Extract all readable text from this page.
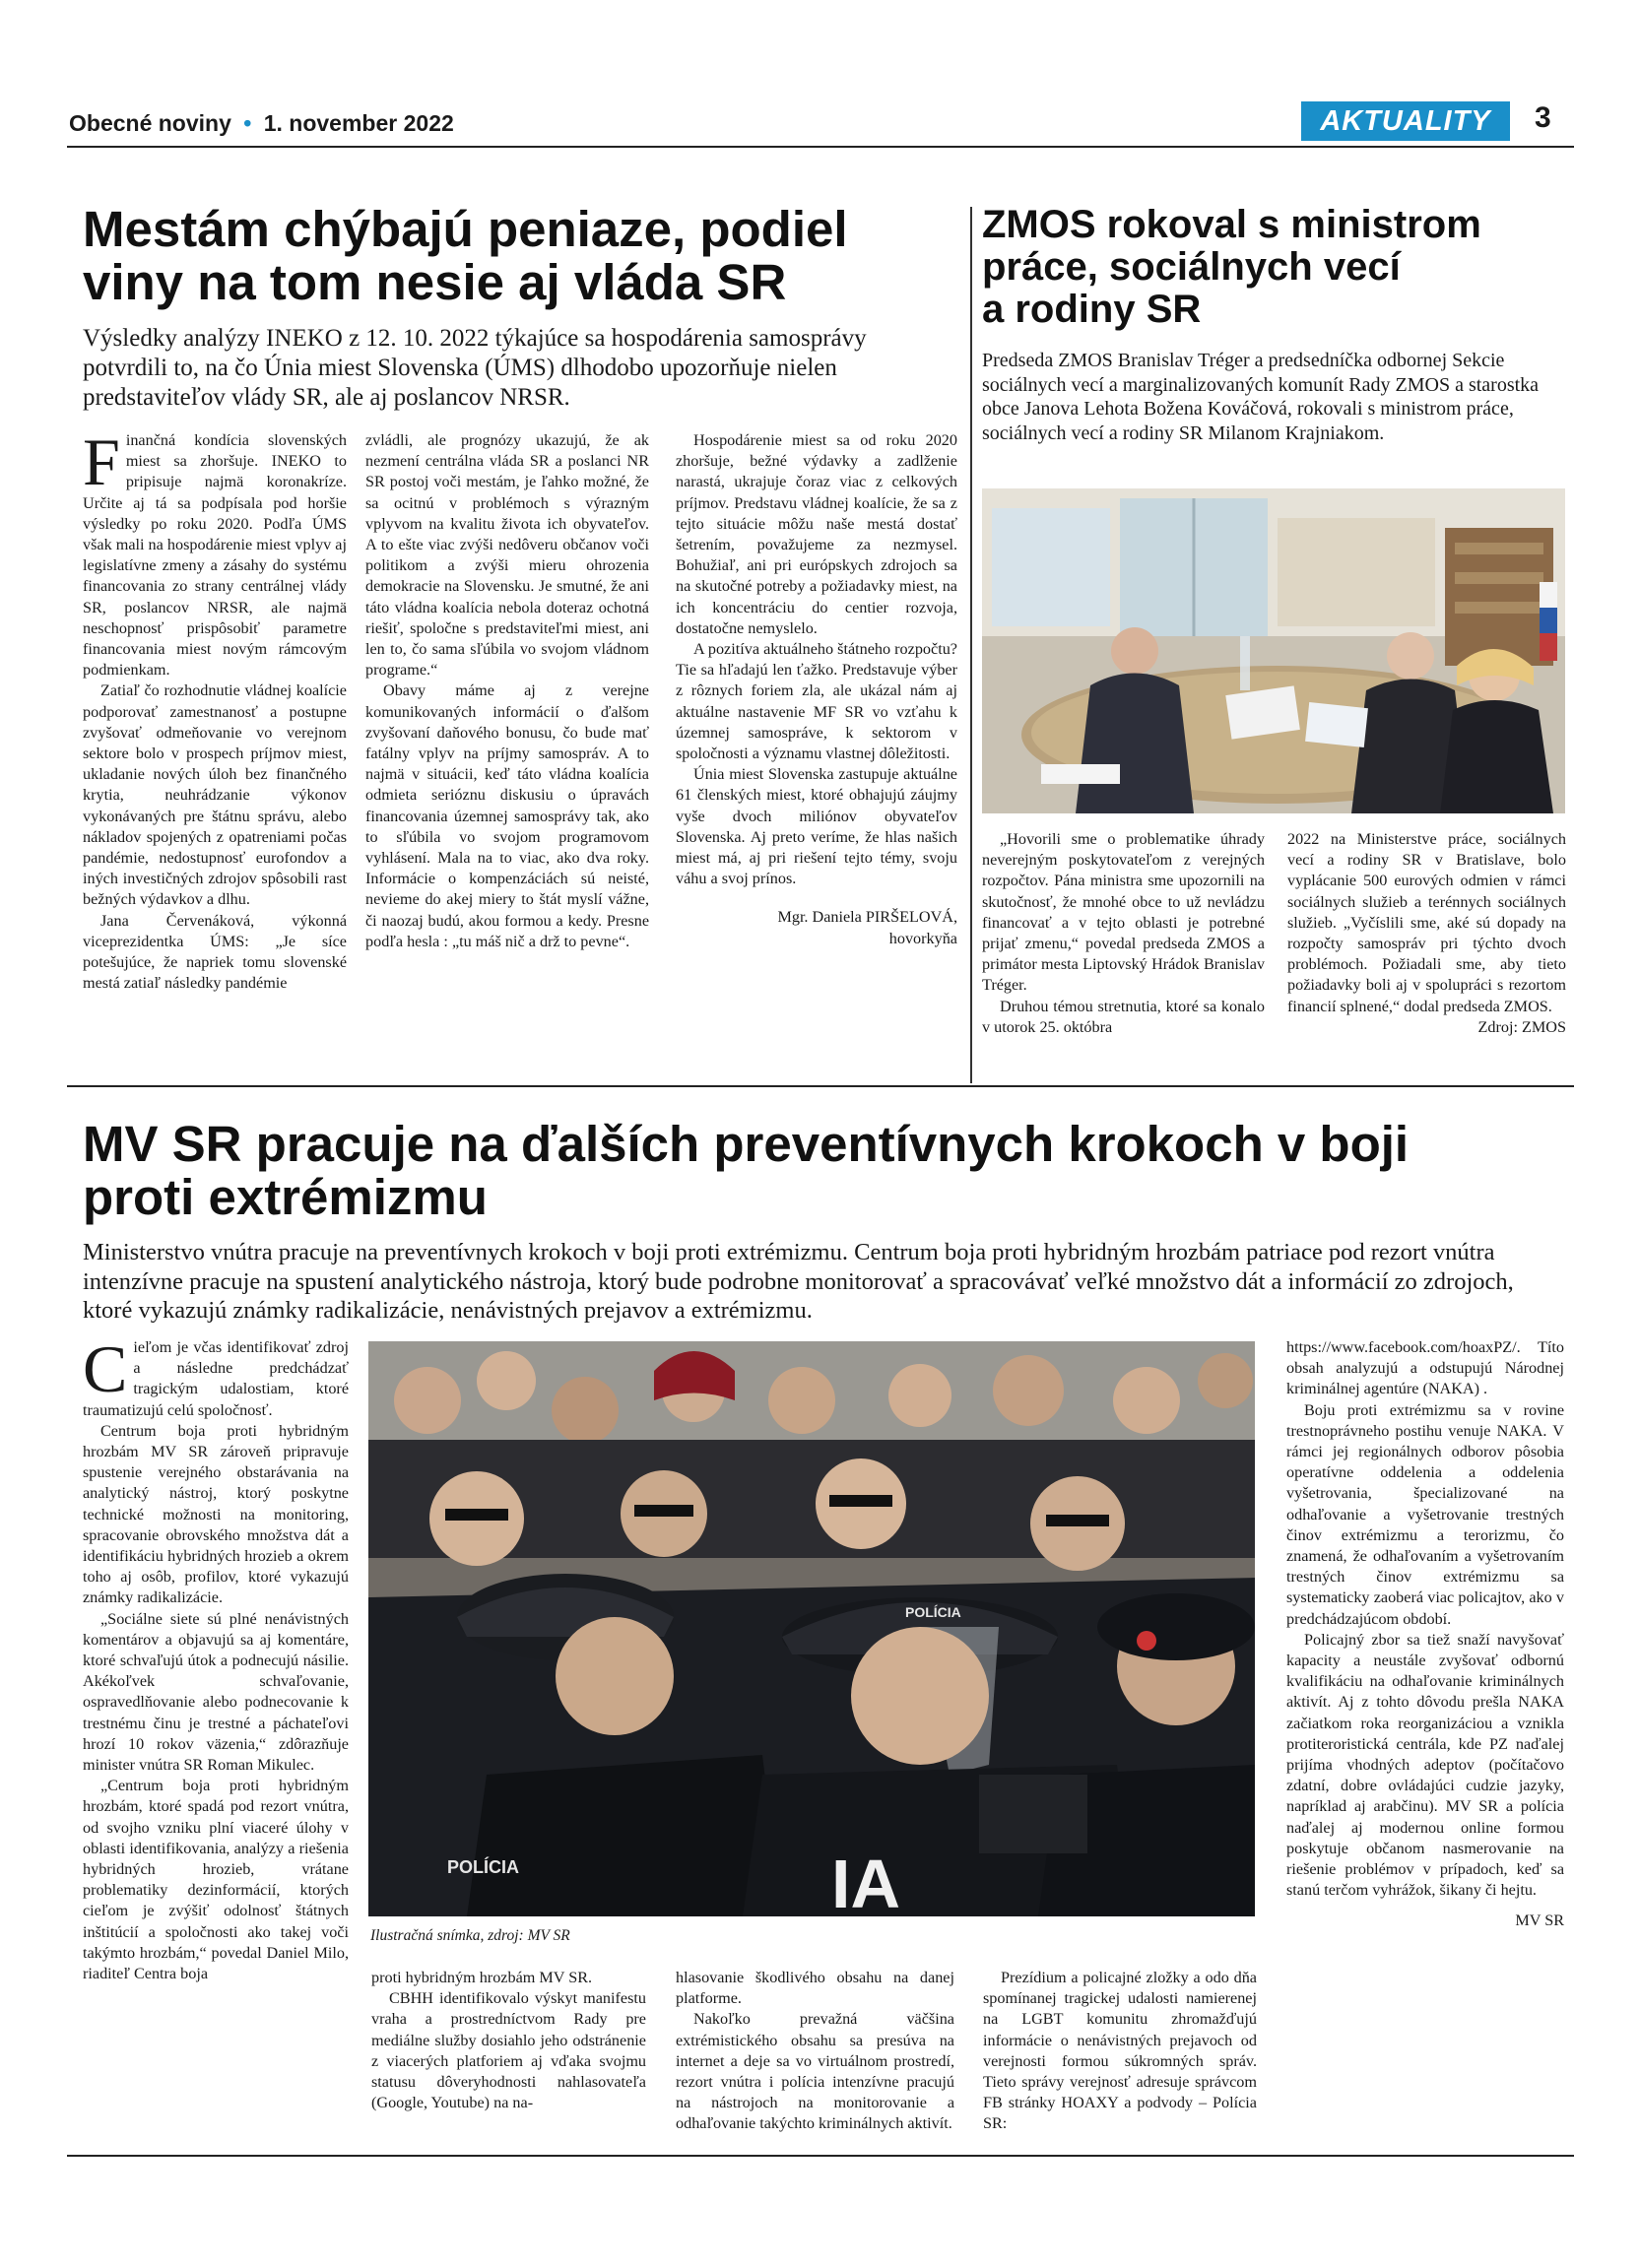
Obecné noviny • 1. november 2022	AKTUALITY	3
Mestám chýbajú peniaze, podiel
viny na tom nesie aj vláda SR
Výsledky analýzy INEKO z 12. 10. 2022 týkajúce sa hospodárenia samosprávy potvrdili to, na čo Únia miest Slovenska (ÚMS) dlhodobo upozorňuje nielen predstaviteľov vlády SR, ale aj poslancov NRSR.
F inančná kondícia slovenských miest sa zhoršuje. INEKO to pripisuje najmä koronakríze. Určite aj tá sa podpísala pod horšie výsledky po roku 2020. Podľa ÚMS však mali na hospodárenie miest vplyv aj legislatívne zmeny a zásahy do systému financovania zo strany centrálnej vlády SR, poslancov NRSR, ale najmä neschopnosť prispôsobiť parametre financovania miest novým rámcovým podmienkam.

Zatiaľ čo rozhodnutie vládnej koalície podporovať zamestnanosť a postupne zvyšovať odmeňovanie vo verejnom sektore bolo v prospech príjmov miest, ukladanie nových úloh bez finančného krytia, neuhrádzanie výkonov vykonávaných pre štátnu správu, alebo nákladov spojených z opatreniami počas pandémie, nedostupnosť eurofondov a iných investičných zdrojov spôsobili rast bežných výdavkov a dlhu.

Jana Červenáková, výkonná viceprezidentka ÚMS: „Je síce potešujúce, že napriek tomu slovenské mestá zatiaľ následky pandémie

zvládli, ale prognózy ukazujú, že ak nezmení centrálna vláda SR a poslanci NR SR postoj voči mestám, je ľahko možné, že sa ocitnú v problémoch s výrazným vplyvom na kvalitu života ich obyvateľov. A to ešte viac zvýši nedôveru občanov voči politikom a zvýši mieru ohrozenia demokracie na Slovensku. Je smutné, že ani táto vládna koalícia nebola doteraz ochotná riešiť, spoločne s predstaviteľmi miest, ani len to, čo sama sľúbila vo svojom vládnom programe.“

Obavy máme aj z verejne komunikovaných informácií o ďalšom zvyšovaní daňového bonusu, čo bude mať fatálny vplyv na príjmy samospráv. A to najmä v situácii, keď táto vládna koalícia odmieta serióznu diskusiu o úpravách financovania územnej samosprávy tak, ako to sľúbila vo svojom programovom vyhlásení. Mala na to viac, ako dva roky. Informácie o kompenzáciách sú neisté, nevieme do akej miery to štát myslí vážne, či naozaj budú, akou formou a kedy. Presne podľa hesla : „tu máš nič a drž to pevne“.

Hospodárenie miest sa od roku 2020 zhoršuje, bežné výdavky a zadlženie narastá, ukrajuje čoraz viac z celkových príjmov. Predstavu vládnej koalície, že sa z tejto situácie môžu naše mestá dostať šetrením, považujeme za nezmysel. Bohužiaľ, ani pri európskych zdrojoch sa na skutočné potreby a požiadavky miest, na ich koncentráciu do centier rozvoja, dostatočne nemyslelo.

A pozitíva aktuálneho štátneho rozpočtu? Tie sa hľadajú len ťažko. Predstavuje výber z rôznych foriem zla, ale ukázal nám aj aktuálne nastavenie MF SR vo vzťahu k územnej samospráve, k sektorom v spoločnosti a významu vlastnej dôležitosti.

Únia miest Slovenska zastupuje aktuálne 61 členských miest, ktoré obhajujú záujmy vyše dvoch miliónov obyvateľov Slovenska. Aj preto veríme, že hlas našich miest má, aj pri riešení tejto témy, svoju váhu a svoj prínos.

Mgr. Daniela PIRŠELOVÁ,

hovorkyňa

ZMOS rokoval s ministrom
práce, sociálnych vecí
a rodiny SR
Predseda ZMOS Branislav Tréger a predsedníčka odbornej Sekcie sociálnych vecí a marginalizovaných komunít Rady ZMOS a starostka obce Janova Lehota Božena Kováčová, rokovali s ministrom práce, sociálnych vecí a rodiny SR Milanom Krajniakom.

„Hovorili sme o problematike úhrady neverejným poskytovateľom z verejných rozpočtov. Pána ministra sme upozornili na skutočnosť, že mnohé obce to už nevládzu financovať a v tejto oblasti je potrebné prijať zmenu,“ povedal predseda ZMOS a primátor mesta Liptovský Hrádok Branislav Tréger.

Druhou témou stretnutia, ktoré sa konalo v utorok 25. októbra

2022 na Ministerstve práce, sociálnych vecí a rodiny SR v Bratislave, bolo vyplácanie 500 eurových odmien v rámci sociálnych služieb a terénnych sociálnych služieb. „Vyčíslili sme, aké sú dopady na rozpočty samospráv pri týchto dvoch problémoch. Požiadali sme, aby tieto požiadavky boli aj v spolupráci s rezortom financií splnené,“ dodal predseda ZMOS.

Zdroj: ZMOS

MV SR pracuje na ďalších preventívnych krokoch v boji
proti extrémizmu
Ministerstvo vnútra pracuje na preventívnych krokoch v boji proti extrémizmu. Centrum boja proti hybridným hrozbám patriace pod rezort vnútra intenzívne pracuje na spustení analytického nástroja, ktorý bude podrobne monitorovať a spracovávať veľké množstvo dát a informácií zo zdrojoch, ktoré vykazujú známky radikalizácie, nenávistných prejavov a extrémizmu.
C ieľom je včas identifikovať zdroj a následne predchádzať tragickým udalostiam, ktoré traumatizujú celú spoločnosť.

Centrum boja proti hybridným hrozbám MV SR zároveň pripravuje spustenie verejného obstarávania na analytický nástroj, ktorý poskytne technické možnosti na monitoring, spracovanie obrovského množstva dát a identifikáciu hybridných hrozieb a okrem toho aj osôb, profilov, ktoré vykazujú známky radikalizácie.

„Sociálne siete sú plné nenávistných komentárov a objavujú sa aj komentáre, ktoré schvaľujú útok a podnecujú násilie. Akékoľvek schvaľovanie, ospravedlňovanie alebo podnecovanie k trestnému činu je trestné a páchateľovi hrozí 10 rokov väzenia,“ zdôrazňuje minister vnútra SR Roman Mikulec.

„Centrum boja proti hybridným hrozbám, ktoré spadá pod rezort vnútra, od svojho vzniku plní viaceré úlohy v oblasti identifikovania, analýzy a riešenia hybridných hrozieb, vrátane problematiky dezinformácií, ktorých cieľom je zvýšiť odolnosť štátnych inštitúcií a spoločnosti ako takej voči takýmto hrozbám,“ povedal Daniel Milo, riaditeľ Centra boja

POLÍCIA
POLÍCIA
IA
Ilustračná snímka, zdroj: MV SR

proti hybridným hrozbám MV SR.

CBHH identifikovalo výskyt manifestu vraha a prostredníctvom Rady pre mediálne služby dosiahlo jeho odstránenie z viacerých platforiem aj vďaka svojmu statusu dôveryhodnosti nahlasovateľa (Google, Youtube) na na-

hlasovanie škodlivého obsahu na danej platforme.

Nakoľko prevažná väčšina extrémistického obsahu sa presúva na internet a deje sa vo virtuálnom prostredí, rezort vnútra i polícia intenzívne pracujú na nástrojoch na monitorovanie a odhaľovanie takýchto kriminálnych aktivít.

Prezídium a policajné zložky a odo dňa spomínanej tragickej udalosti namierenej na LGBT komunitu zhromažďujú informácie o nenávistných prejavoch od verejnosti formou súkromných správ. Tieto správy verejnosť adresuje správcom FB stránky HOAXY a podvody – Polícia SR:

https://www.facebook.com/hoaxPZ/. Títo obsah analyzujú a odstupujú Národnej kriminálnej agentúre (NAKA) .

Boju proti extrémizmu sa v rovine trestnoprávneho postihu venuje NAKA. V rámci jej regionálnych odborov pôsobia operatívne oddelenia a oddelenia vyšetrovania, špecializované na odhaľovanie a vyšetrovanie trestných činov extrémizmu a terorizmu, čo znamená, že odhaľovaním a vyšetrovaním trestných činov extrémizmu sa systematicky zaoberá viac policajtov, ako v predchádzajúcom období.

Policajný zbor sa tiež snaží navyšovať kapacity a neustále zvyšovať odbornú kvalifikáciu na odhaľovanie kriminálnych aktivít. Aj z tohto dôvodu prešla NAKA začiatkom roka reorganizáciou a vznikla protiteroristická centrála, kde PZ naďalej prijíma vhodných adeptov (počítačovo zdatní, dobre ovládajúci cudzie jazyky, napríklad aj arabčinu). MV SR a polícia naďalej aj modernou online formou poskytuje občanom nasmerovanie na riešenie problémov v prípadoch, keď sa stanú terčom vyhrážok, šikany či hejtu.

MV SR
